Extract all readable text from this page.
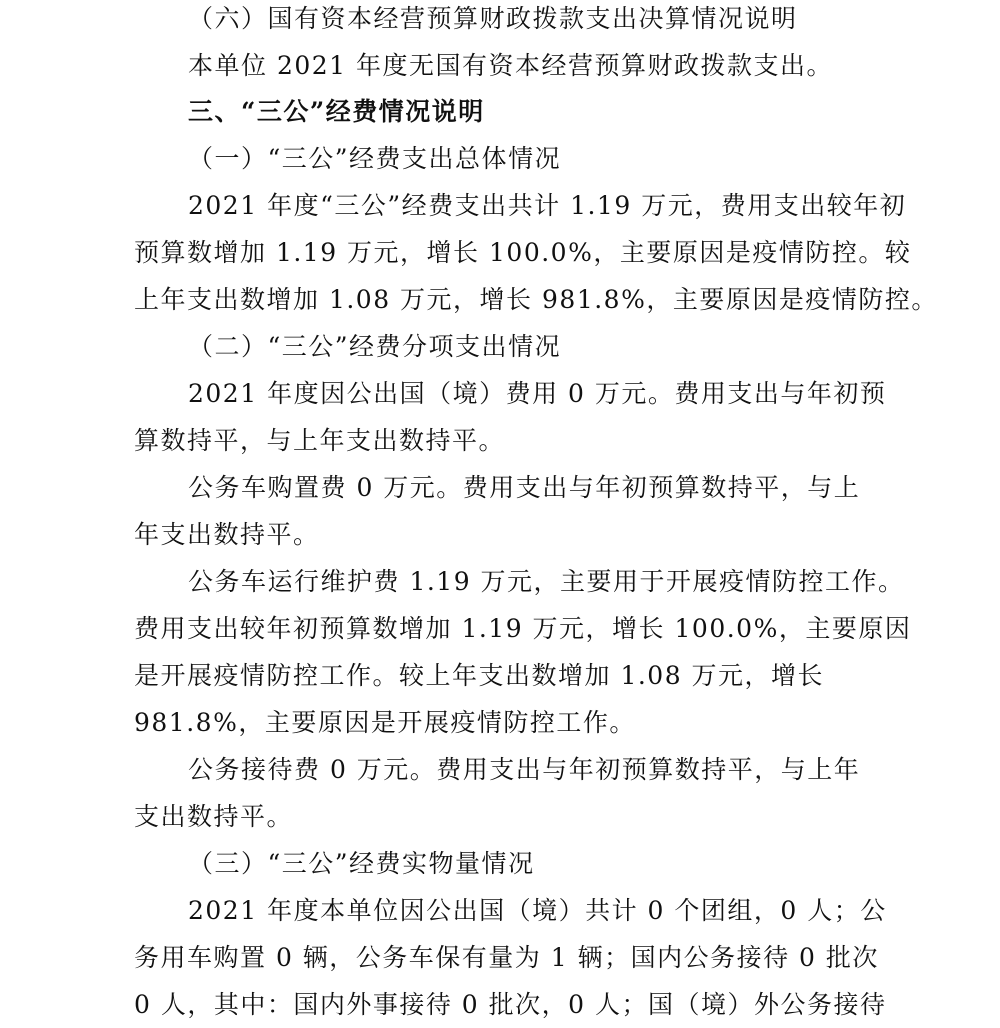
（六）国有资本经营预算财政拨款支出决算情况说明
本单位 2021 年度无国有资本经营预算财政拨款支出。
三、“三公”经费情况说明
（一）“三公”经费支出总体情况
2021 年度“三公”经费支出共计 1.19 万元，费用支出较年初
预算数增加 1.19 万元，增长 100.0%，主要原因是疫情防控。较
上年支出数增加 1.08 万元，增长 981.8%，主要原因是疫情防控。
（二）“三公”经费分项支出情况
2021 年度因公出国（境）费用 0 万元。费用支出与年初预
算数持平，与上年支出数持平。
公务车购置费 0 万元。费用支出与年初预算数持平，与上
年支出数持平。
公务车运行维护费 1.19 万元，主要用于开展疫情防控工作。
费用支出较年初预算数增加 1.19 万元，增长 100.0%，主要原因
是开展疫情防控工作。较上年支出数增加 1.08 万元，增长
981.8%，主要原因是开展疫情防控工作。
公务接待费 0 万元。费用支出与年初预算数持平，与上年
支出数持平。
（三）“三公”经费实物量情况
2021 年度本单位因公出国（境）共计 0 个团组，0 人；公
务用车购置 0 辆，公务车保有量为 1 辆；国内公务接待 0 批次
0 人，其中：国内外事接待 0 批次，0 人；国（境）外公务接待
